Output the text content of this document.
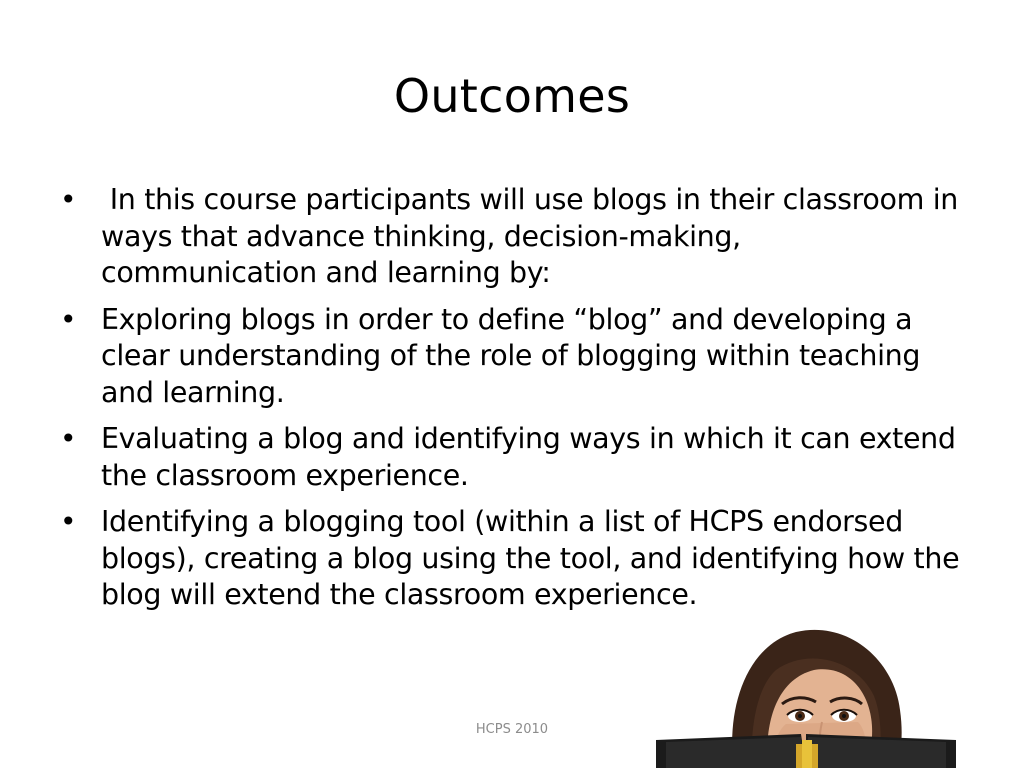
Outcomes
• In this course participants will use blogs in their classroom in ways that advance thinking, decision-making, communication and learning by:
• Exploring blogs in order to define “blog” and developing a clear understanding of the role of blogging within teaching and learning.
• Evaluating a blog and identifying ways in which it can extend the classroom experience.
• Identifying a blogging tool (within a list of HCPS endorsed blogs), creating a blog using the tool, and identifying how the blog will extend the classroom experience.
HCPS 2010
